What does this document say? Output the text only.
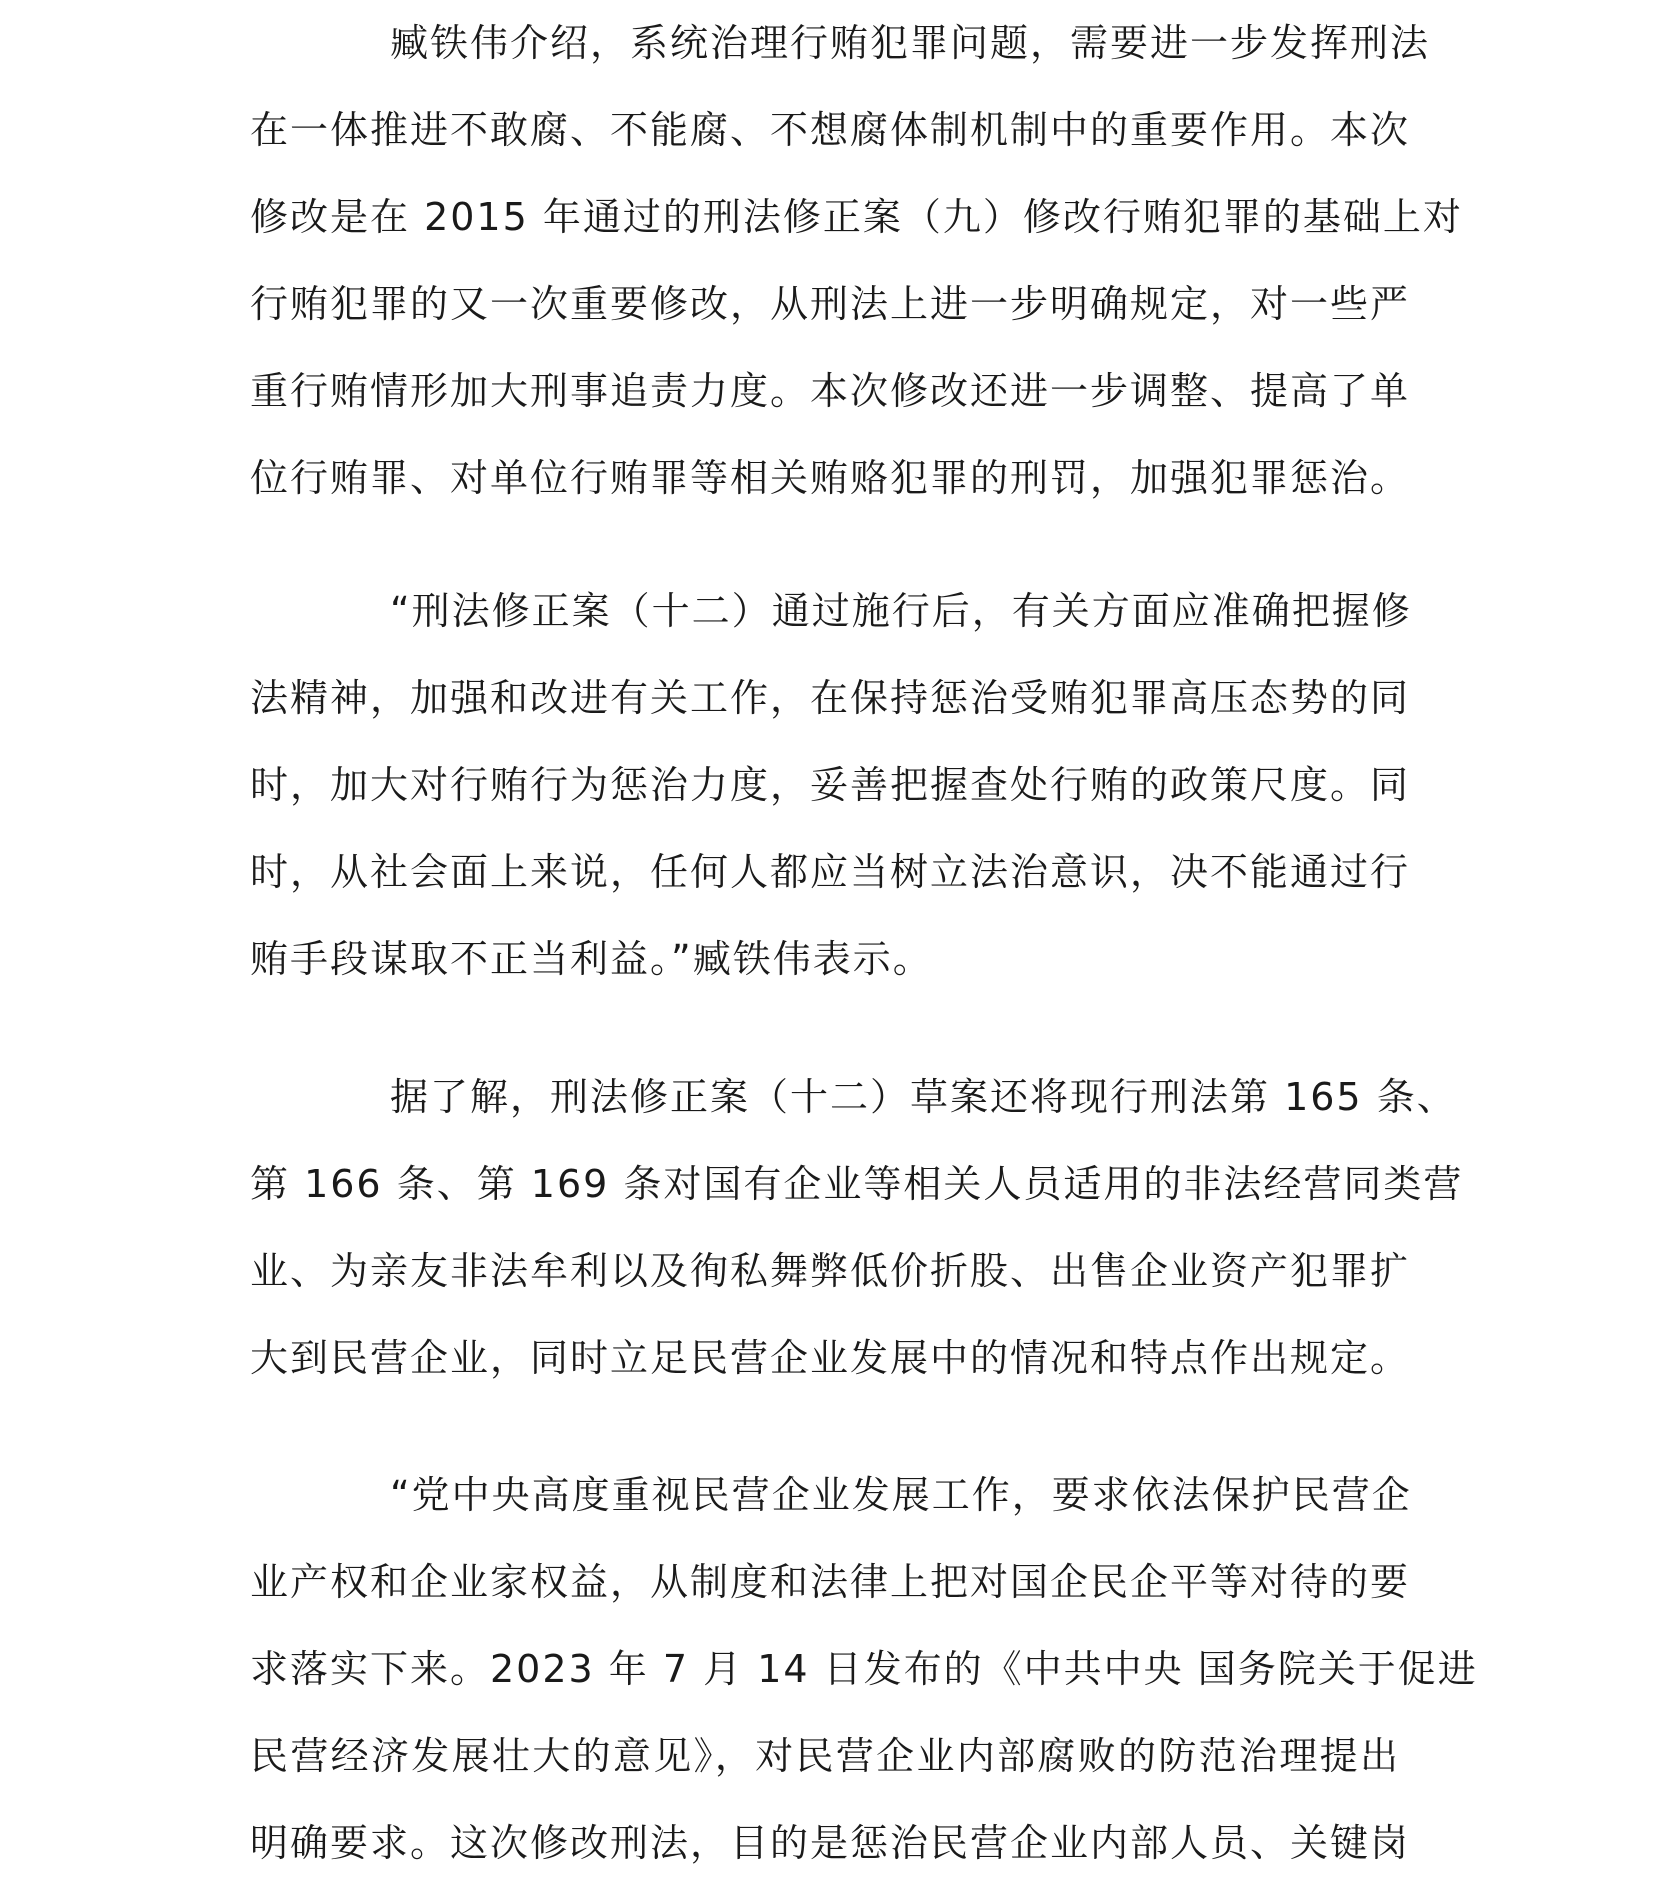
臧铁伟介绍，系统治理行贿犯罪问题，需要进一步发挥刑法
在一体推进不敢腐、不能腐、不想腐体制机制中的重要作用。本次
修改是在 2015 年通过的刑法修正案（九）修改行贿犯罪的基础上对
行贿犯罪的又一次重要修改，从刑法上进一步明确规定，对一些严
重行贿情形加大刑事追责力度。本次修改还进一步调整、提高了单
位行贿罪、对单位行贿罪等相关贿赂犯罪的刑罚，加强犯罪惩治。
“刑法修正案（十二）通过施行后，有关方面应准确把握修
法精神，加强和改进有关工作，在保持惩治受贿犯罪高压态势的同
时，加大对行贿行为惩治力度，妥善把握查处行贿的政策尺度。同
时，从社会面上来说，任何人都应当树立法治意识，决不能通过行
贿手段谋取不正当利益。”臧铁伟表示。
据了解，刑法修正案（十二）草案还将现行刑法第 165 条、
第 166 条、第 169 条对国有企业等相关人员适用的非法经营同类营
业、为亲友非法牟利以及徇私舞弊低价折股、出售企业资产犯罪扩
大到民营企业，同时立足民营企业发展中的情况和特点作出规定。
“党中央高度重视民营企业发展工作，要求依法保护民营企
业产权和企业家权益，从制度和法律上把对国企民企平等对待的要
求落实下来。2023 年 7 月 14 日发布的《中共中央 国务院关于促进
民营经济发展壮大的意见》，对民营企业内部腐败的防范治理提出
明确要求。这次修改刑法，目的是惩治民营企业内部人员、关键岗
